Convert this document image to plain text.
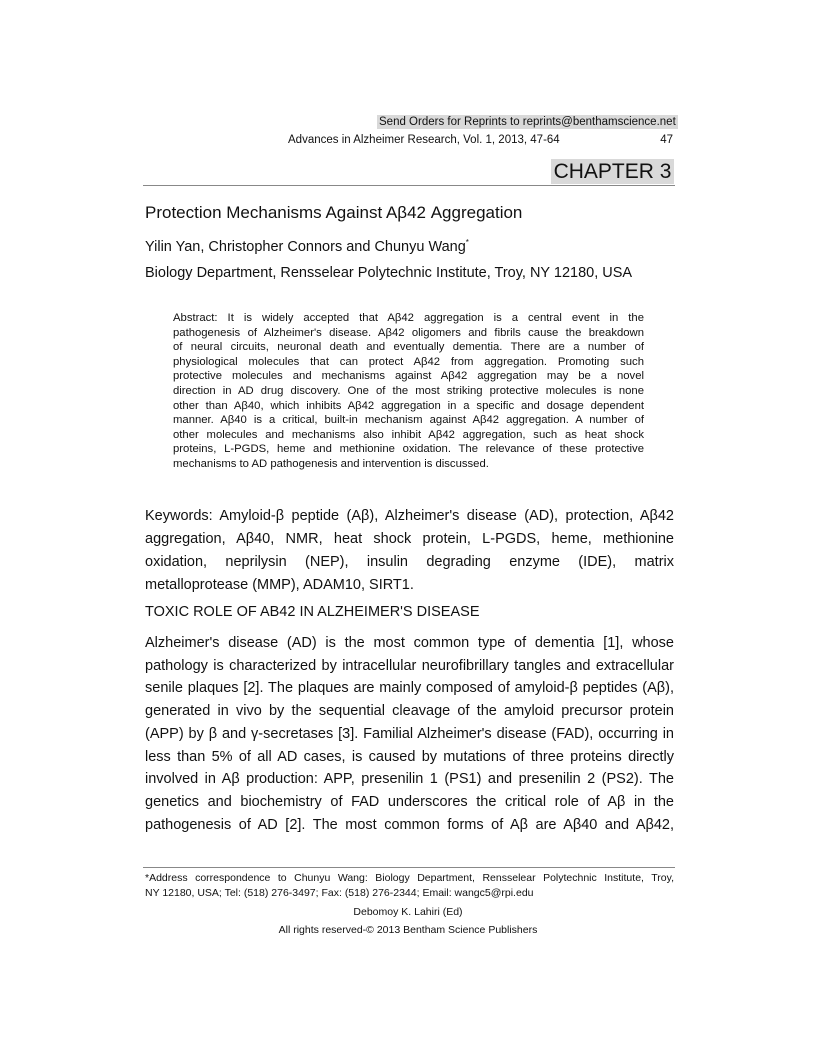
Send Orders for Reprints to reprints@benthamscience.net
Advances in Alzheimer Research, Vol. 1, 2013, 47-64	47
CHAPTER 3
Protection Mechanisms Against Aβ42 Aggregation
Yilin Yan, Christopher Connors and Chunyu Wang*
Biology Department, Rensselear Polytechnic Institute, Troy, NY 12180, USA
Abstract: It is widely accepted that Aβ42 aggregation is a central event in the
pathogenesis of Alzheimer's disease. Aβ42 oligomers and fibrils cause the breakdown
of neural circuits, neuronal death and eventually dementia. There are a number of
physiological molecules that can protect Aβ42 from aggregation. Promoting such
protective molecules and mechanisms against Aβ42 aggregation may be a novel
direction in AD drug discovery. One of the most striking protective molecules is none
other than Aβ40, which inhibits Aβ42 aggregation in a specific and dosage dependent
manner. Aβ40 is a critical, built-in mechanism against Aβ42 aggregation. A number of
other molecules and mechanisms also inhibit Aβ42 aggregation, such as heat shock
proteins, L-PGDS, heme and methionine oxidation. The relevance of these protective
mechanisms to AD pathogenesis and intervention is discussed.
Keywords: Amyloid-β peptide (Aβ), Alzheimer's disease (AD), protection, Aβ42
aggregation, Aβ40, NMR, heat shock protein, L-PGDS, heme, methionine
oxidation, neprilysin (NEP), insulin degrading enzyme (IDE), matrix
metalloprotease (MMP), ADAM10, SIRT1.
TOXIC ROLE OF AB42 IN ALZHEIMER'S DISEASE
Alzheimer's disease (AD) is the most common type of dementia [1], whose
pathology is characterized by intracellular neurofibrillary tangles and extracellular
senile plaques [2]. The plaques are mainly composed of amyloid-β peptides (Aβ),
generated in vivo by the sequential cleavage of the amyloid precursor protein
(APP) by β and γ-secretases [3]. Familial Alzheimer's disease (FAD), occurring in
less than 5% of all AD cases, is caused by mutations of three proteins directly
involved in Aβ production: APP, presenilin 1 (PS1) and presenilin 2 (PS2). The
genetics and biochemistry of FAD underscores the critical role of Aβ in the
pathogenesis of AD [2]. The most common forms of Aβ are Aβ40 and Aβ42,
*Address correspondence to Chunyu Wang: Biology Department, Rensselear Polytechnic Institute, Troy,
NY 12180, USA; Tel: (518) 276-3497; Fax: (518) 276-2344; Email: wangc5@rpi.edu
Debomoy K. Lahiri (Ed)
All rights reserved-© 2013 Bentham Science Publishers
